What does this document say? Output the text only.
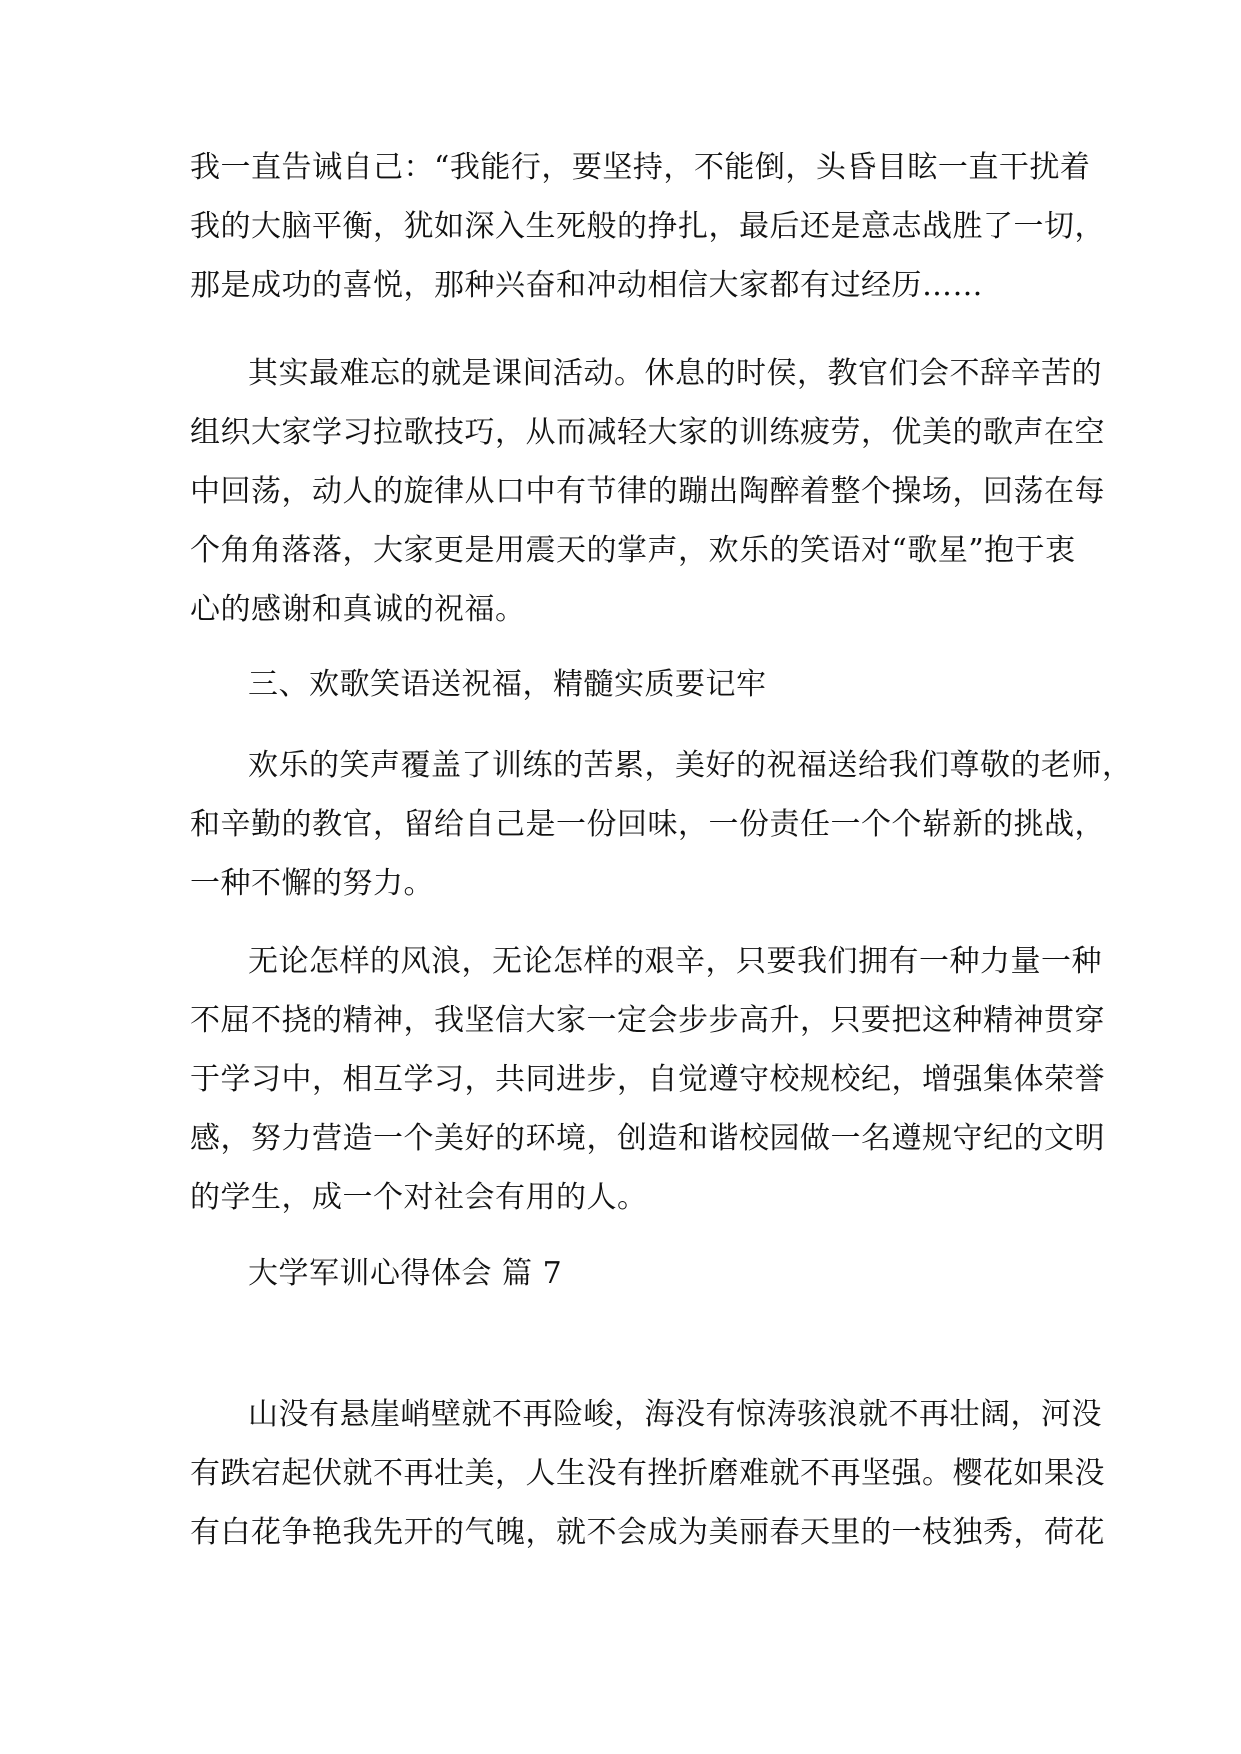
我一直告诫自己：“我能行，要坚持，不能倒，头昏目眩一直干扰着

我的大脑平衡，犹如深入生死般的挣扎，最后还是意志战胜了一切，

那是成功的喜悦，那种兴奋和冲动相信大家都有过经历……

其实最难忘的就是课间活动。休息的时侯，教官们会不辞辛苦的

组织大家学习拉歌技巧，从而减轻大家的训练疲劳，优美的歌声在空

中回荡，动人的旋律从口中有节律的蹦出陶醉着整个操场，回荡在每

个角角落落，大家更是用震天的掌声，欢乐的笑语对“歌星”抱于衷

心的感谢和真诚的祝福。

三、欢歌笑语送祝福，精髓实质要记牢

欢乐的笑声覆盖了训练的苦累，美好的祝福送给我们尊敬的老师，

和辛勤的教官，留给自己是一份回味，一份责任一个个崭新的挑战，

一种不懈的努力。

无论怎样的风浪，无论怎样的艰辛，只要我们拥有一种力量一种

不屈不挠的精神，我坚信大家一定会步步高升，只要把这种精神贯穿

于学习中，相互学习，共同进步，自觉遵守校规校纪，增强集体荣誉

感，努力营造一个美好的环境，创造和谐校园做一名遵规守纪的文明

的学生，成一个对社会有用的人。

大学军训心得体会 篇 7

山没有悬崖峭壁就不再险峻，海没有惊涛骇浪就不再壮阔，河没

有跌宕起伏就不再壮美，人生没有挫折磨难就不再坚强。樱花如果没

有白花争艳我先开的气魄，就不会成为美丽春天里的一枝独秀，荷花
